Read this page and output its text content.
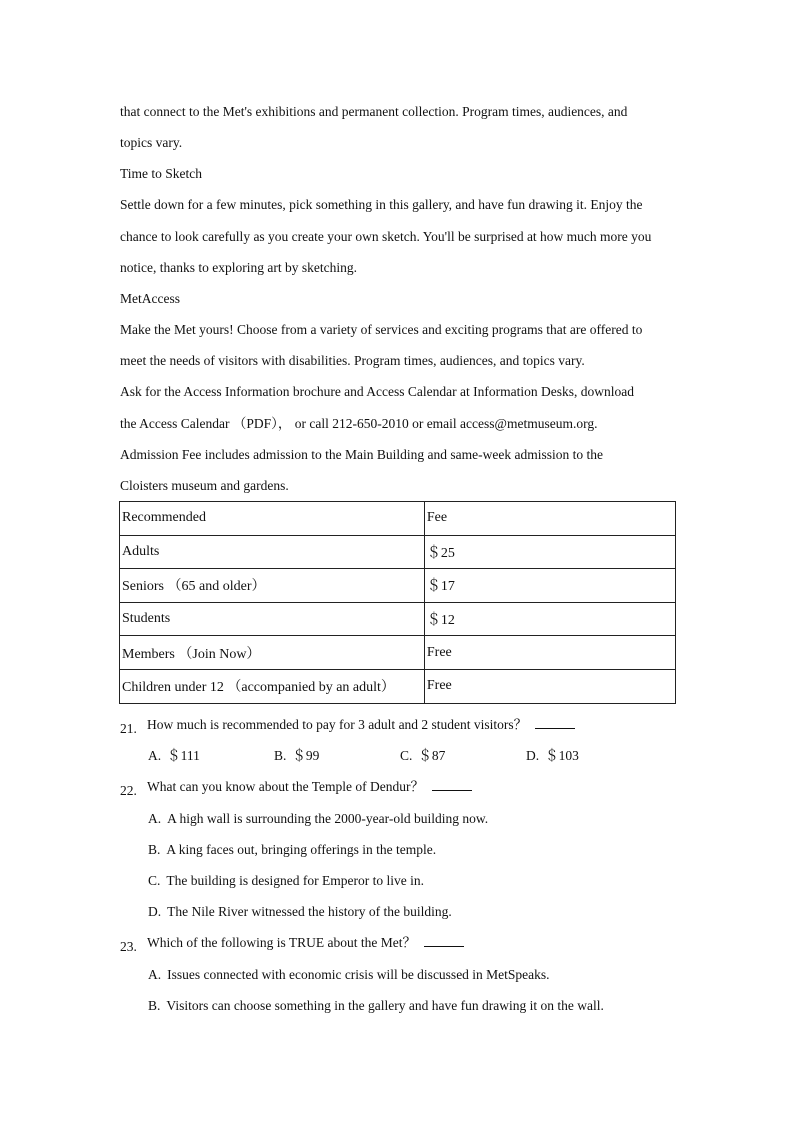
that connect to the Met's exhibitions and permanent collection. Program times, audiences, and
topics vary.
Time to Sketch
Settle down for a few minutes, pick something in this gallery, and have fun drawing it. Enjoy the
chance to look carefully as you create your own sketch. You'll be surprised at how much more you
notice, thanks to exploring art by sketching.
MetAccess
Make the Met yours! Choose from a variety of services and exciting programs that are offered to
meet the needs of visitors with disabilities. Program times, audiences, and topics vary.
Ask for the Access Information brochure and Access Calendar at Information Desks, download
the Access Calendar （PDF）， or call 212-650-2010 or email access@metmuseum.org.
Admission Fee includes admission to the Main Building and same-week admission to the
Cloisters museum and gardens.
Recommended	Fee
Adults	＄25
Seniors （65 and older）	＄17
Students	＄12
Members （Join Now）	Free
Children under 12 （accompanied by an adult）	Free
21. How much is recommended to pay for 3 adult and 2 student visitors？
A. ＄111	B. ＄99	C. ＄87	D. ＄103
22. What can you know about the Temple of Dendur？
A. A high wall is surrounding the 2000-year-old building now.
B. A king faces out, bringing offerings in the temple.
C. The building is designed for Emperor to live in.
D. The Nile River witnessed the history of the building.
23. Which of the following is TRUE about the Met？
A. Issues connected with economic crisis will be discussed in MetSpeaks.
B. Visitors can choose something in the gallery and have fun drawing it on the wall.
